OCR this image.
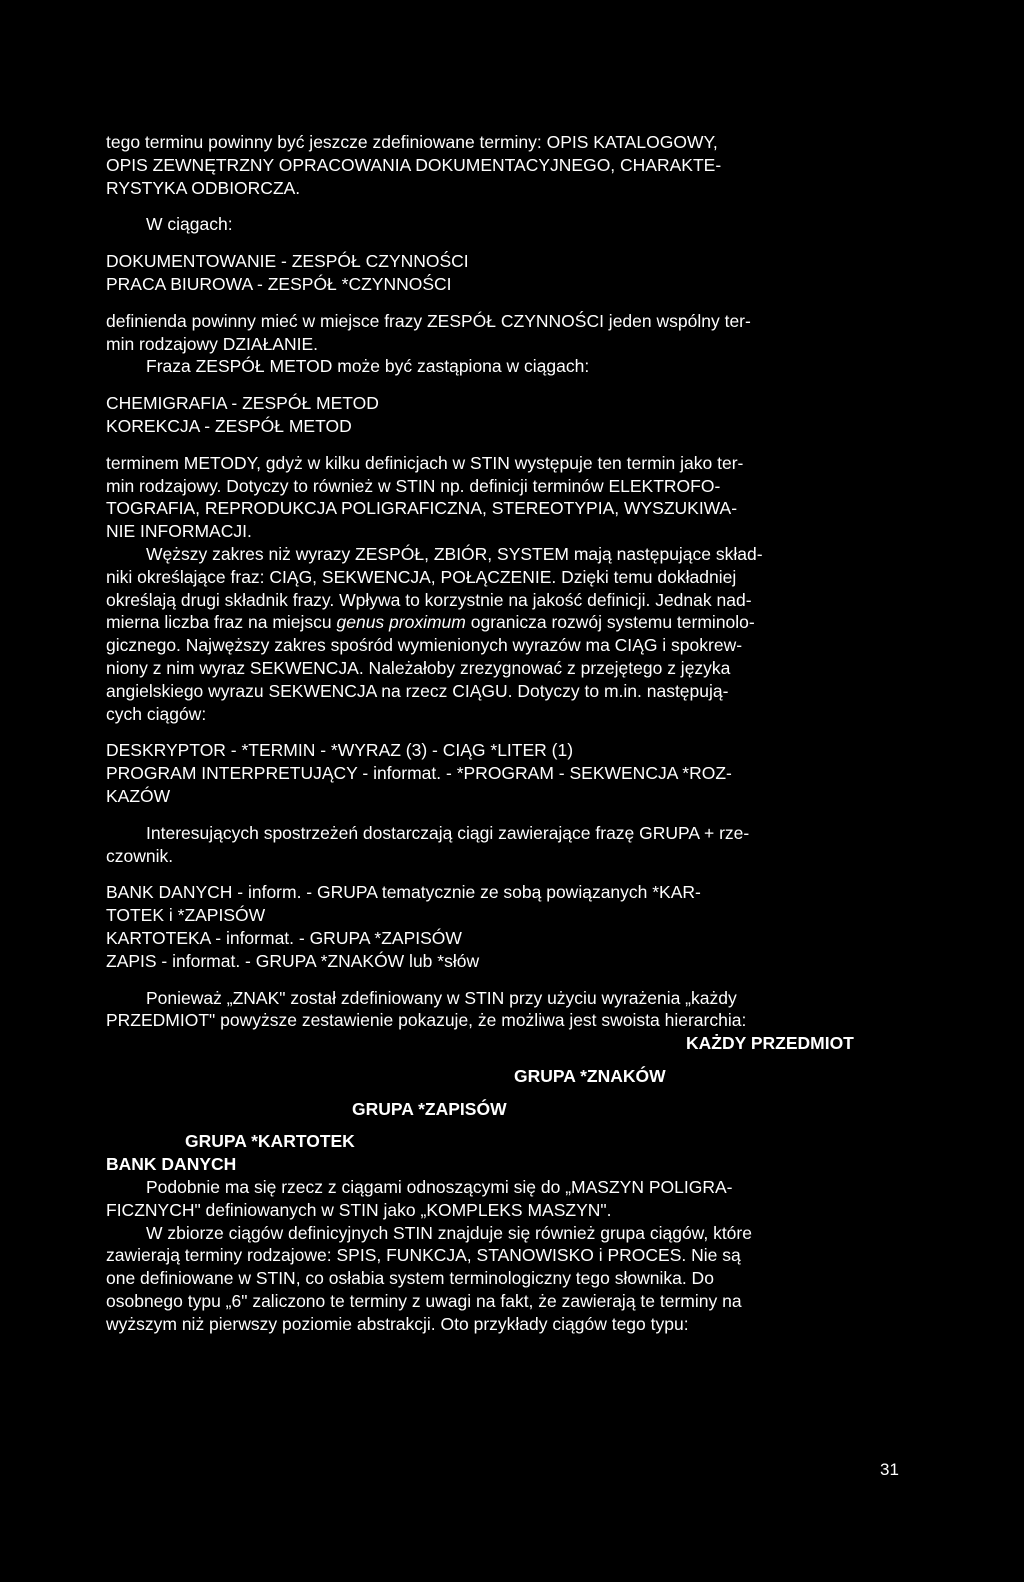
tego terminu powinny być jeszcze zdefiniowane terminy: OPIS KATALOGOWY,
OPIS ZEWNĘTRZNY OPRACOWANIA DOKUMENTACYJNEGO, CHARAKTE-
RYSTYKA ODBIORCZA.
W ciągach:
DOKUMENTOWANIE - ZESPÓŁ CZYNNOŚCI
PRACA BIUROWA - ZESPÓŁ *CZYNNOŚCI
definienda powinny mieć w miejsce frazy ZESPÓŁ CZYNNOŚCI jeden wspólny ter-
min rodzajowy DZIAŁANIE.
Fraza ZESPÓŁ METOD może być zastąpiona w ciągach:
CHEMIGRAFIA - ZESPÓŁ METOD
KOREKCJA - ZESPÓŁ METOD
terminem METODY, gdyż w kilku definicjach w STIN występuje ten termin jako ter-
min rodzajowy. Dotyczy to również w STIN np. definicji terminów ELEKTROFO-
TOGRAFIA, REPRODUKCJA POLIGRAFICZNA, STEREOTYPIA, WYSZUKIWA-
NIE INFORMACJI.
Węższy zakres niż wyrazy ZESPÓŁ, ZBIÓR, SYSTEM mają następujące skład-
niki określające fraz: CIĄG, SEKWENCJA, POŁĄCZENIE. Dzięki temu dokładniej
określają drugi składnik frazy. Wpływa to korzystnie na jakość definicji. Jednak nad-
mierna liczba fraz na miejscu genus proximum ogranicza rozwój systemu terminolo-
gicznego. Najwęższy zakres spośród wymienionych wyrazów ma CIĄG i spokrew-
niony z nim wyraz SEKWENCJA. Należałoby zrezygnować z przejętego z języka
angielskiego wyrazu SEKWENCJA na rzecz CIĄGU. Dotyczy to m.in. następują-
cych ciągów:
DESKRYPTOR - *TERMIN - *WYRAZ (3) - CIĄG *LITER (1)
PROGRAM INTERPRETUJĄCY - informat. - *PROGRAM - SEKWENCJA *ROZ-
KAZÓW
Interesujących spostrzeżeń dostarczają ciągi zawierające frazę GRUPA + rze-
czownik.
BANK DANYCH - inform. - GRUPA tematycznie ze sobą powiązanych *KAR-
TOTEK i *ZAPISÓW
KARTOTEKA - informat. - GRUPA *ZAPISÓW
ZAPIS - informat. - GRUPA *ZNAKÓW lub *słów
Ponieważ „ZNAK" został zdefiniowany w STIN przy użyciu wyrażenia „każdy
PRZEDMIOT" powyższe zestawienie pokazuje, że możliwa jest swoista hierarchia:
KAŻDY PRZEDMIOT
GRUPA *ZNAKÓW
GRUPA *ZAPISÓW
GRUPA *KARTOTEK
BANK DANYCH
Podobnie ma się rzecz z ciągami odnoszącymi się do „MASZYN POLIGRA-
FICZNYCH" definiowanych w STIN jako „KOMPLEKS MASZYN".
W zbiorze ciągów definicyjnych STIN znajduje się również grupa ciągów, które
zawierają terminy rodzajowe: SPIS, FUNKCJA, STANOWISKO i PROCES. Nie są
one definiowane w STIN, co osłabia system terminologiczny tego słownika. Do
osobnego typu „6" zaliczono te terminy z uwagi na fakt, że zawierają te terminy na
wyższym niż pierwszy poziomie abstrakcji. Oto przykłady ciągów tego typu:
31
